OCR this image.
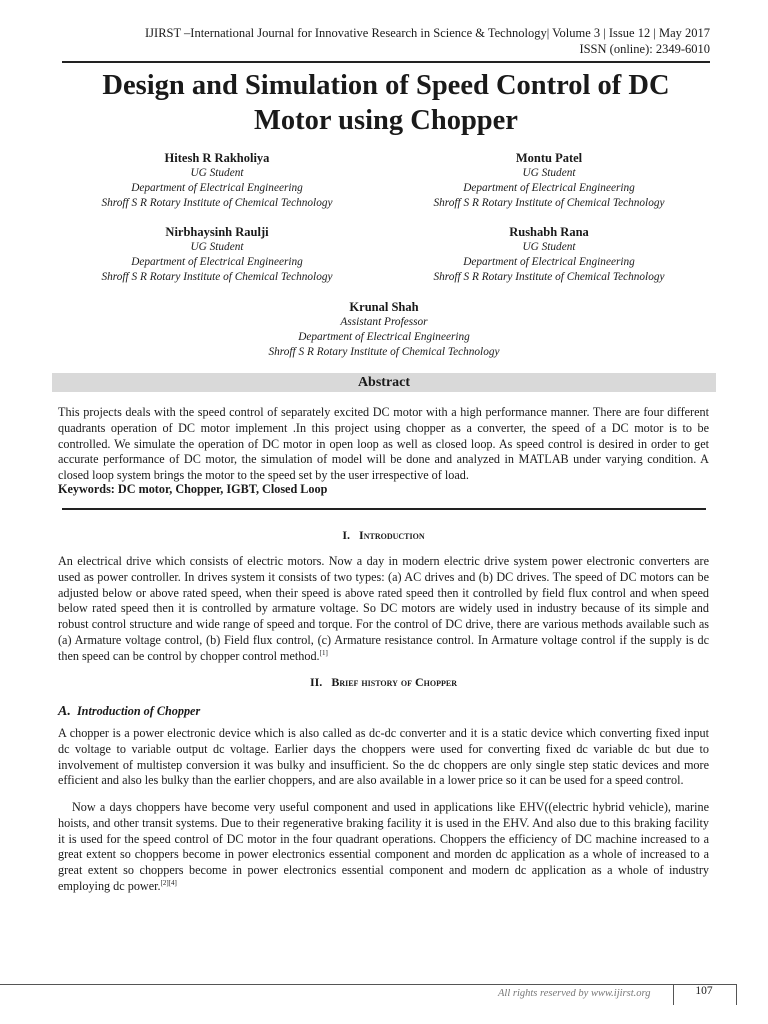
IJIRST –International Journal for Innovative Research in Science & Technology| Volume 3 | Issue 12 | May 2017
ISSN (online): 2349-6010
Design and Simulation of Speed Control of DC
Motor using Chopper
Hitesh R Rakholiya
UG Student
Department of Electrical Engineering
Shroff S R Rotary Institute of Chemical Technology
Montu Patel
UG Student
Department of Electrical Engineering
Shroff S R Rotary Institute of Chemical Technology
Nirbhaysinh Raulji
UG Student
Department of Electrical Engineering
Shroff S R Rotary Institute of Chemical Technology
Rushabh Rana
UG Student
Department of Electrical Engineering
Shroff S R Rotary Institute of Chemical Technology
Krunal Shah
Assistant Professor
Department of Electrical Engineering
Shroff S R Rotary Institute of Chemical Technology
Abstract
This projects deals with the speed control of separately excited DC motor with a high performance manner. There are four different quadrants operation of DC motor implement .In this project using chopper as a converter, the speed of a DC motor is to be controlled. We simulate the operation of DC motor in open loop as well as closed loop. As speed control is desired in order to get accurate performance of DC motor, the simulation of model will be done and analyzed in MATLAB under varying condition. A closed loop system brings the motor to the speed set by the user irrespective of load.
Keywords: DC motor, Chopper, IGBT, Closed Loop
I. Introduction
An electrical drive which consists of electric motors. Now a day in modern electric drive system power electronic converters are used as power controller. In drives system it consists of two types: (a) AC drives and (b) DC drives. The speed of DC motors can be adjusted below or above rated speed, when their speed is above rated speed then it controlled by field flux control and when speed below rated speed then it is controlled by armature voltage. So DC motors are widely used in industry because of its simple and robust control structure and wide range of speed and torque. For the control of DC drive, there are various methods available such as (a) Armature voltage control, (b) Field flux control, (c) Armature resistance control. In Armature voltage control if the supply is dc then speed can be control by chopper control method.[1]
II. Brief history of Chopper
A. Introduction of Chopper
A chopper is a power electronic device which is also called as dc-dc converter and it is a static device which converting fixed input dc voltage to variable output dc voltage. Earlier days the choppers were used for converting fixed dc variable dc but due to involvement of multistep conversion it was bulky and insufficient. So the dc choppers are only single step static devices and more efficient and also les bulky than the earlier choppers, and are also available in a lower price so it can be used for a speed control.
Now a days choppers have become very useful component and used in applications like EHV((electric hybrid vehicle), marine hoists, and other transit systems. Due to their regenerative braking facility it is used in the EHV. And also due to this braking facility it is used for the speed control of DC motor in the four quadrant operations. Choppers the efficiency of DC machine increased to a great extent so choppers become in power electronics essential component and morden dc application as a whole of increased to a great extent so choppers become in power electronics essential component and modern dc application as a whole of industry employing dc power.[2][4]
All rights reserved by www.ijirst.org	107
